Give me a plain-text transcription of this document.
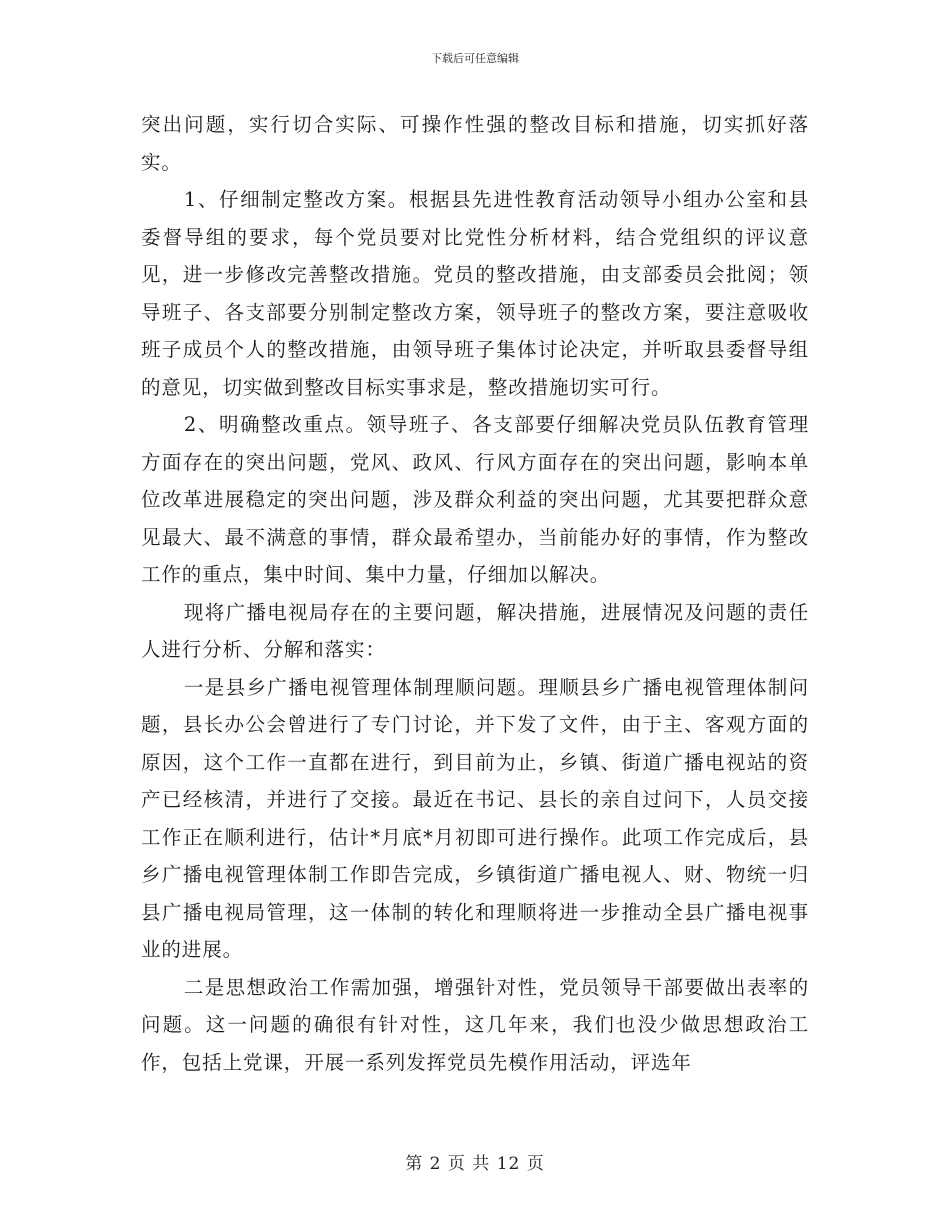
下载后可任意编辑

突出问题，实行切合实际、可操作性强的整改目标和措施，切实抓好落实。

1、仔细制定整改方案。根据县先进性教育活动领导小组办公室和县委督导组的要求，每个党员要对比党性分析材料，结合党组织的评议意见，进一步修改完善整改措施。党员的整改措施，由支部委员会批阅；领导班子、各支部要分别制定整改方案，领导班子的整改方案，要注意吸收班子成员个人的整改措施，由领导班子集体讨论决定，并听取县委督导组的意见，切实做到整改目标实事求是，整改措施切实可行。

2、明确整改重点。领导班子、各支部要仔细解决党员队伍教育管理方面存在的突出问题，党风、政风、行风方面存在的突出问题，影响本单位改革进展稳定的突出问题，涉及群众利益的突出问题，尤其要把群众意见最大、最不满意的事情，群众最希望办，当前能办好的事情，作为整改工作的重点，集中时间、集中力量，仔细加以解决。

现将广播电视局存在的主要问题，解决措施，进展情况及问题的责任人进行分析、分解和落实：

一是县乡广播电视管理体制理顺问题。理顺县乡广播电视管理体制问题，县长办公会曾进行了专门讨论，并下发了文件，由于主、客观方面的原因，这个工作一直都在进行，到目前为止，乡镇、街道广播电视站的资产已经核清，并进行了交接。最近在书记、县长的亲自过问下，人员交接工作正在顺利进行，估计*月底*月初即可进行操作。此项工作完成后，县乡广播电视管理体制工作即告完成，乡镇街道广播电视人、财、物统一归县广播电视局管理，这一体制的转化和理顺将进一步推动全县广播电视事业的进展。

二是思想政治工作需加强，增强针对性，党员领导干部要做出表率的问题。这一问题的确很有针对性，这几年来，我们也没少做思想政治工作，包括上党课，开展一系列发挥党员先模作用活动，评选年

第 2 页 共 12 页
